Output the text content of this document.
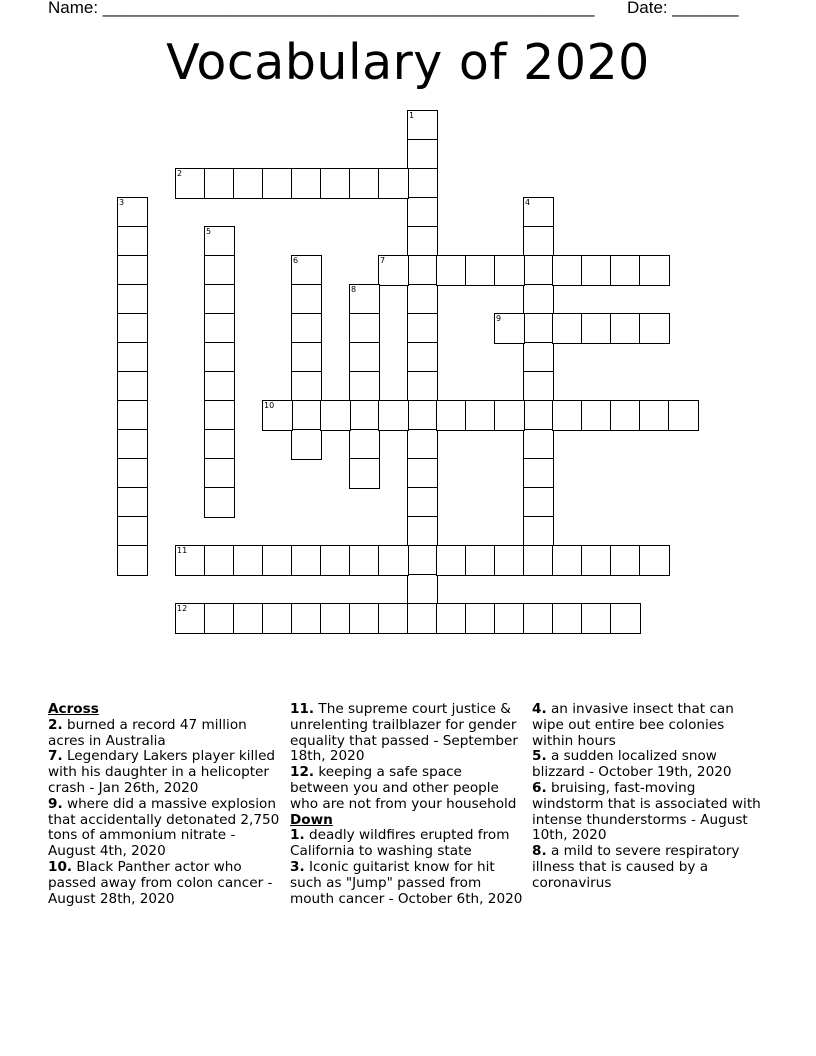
Name: ____________________________________________________ Date: _______
Vocabulary of 2020
1
2
3	4
5
6	7
8
9
10
11
12
Across

2. burned a record 47 million acres in Australia

7. Legendary Lakers player killed with his daughter in a helicopter crash - Jan 26th, 2020

9. where did a massive explosion that accidentally detonated 2,750 tons of ammonium nitrate - August 4th, 2020

10. Black Panther actor who passed away from colon cancer - August 28th, 2020

11. The supreme court justice & unrelenting trailblazer for gender equality that passed - September 18th, 2020

12. keeping a safe space between you and other people who are not from your household

Down

1. deadly wildfires erupted from California to washing state

3. Iconic guitarist know for hit such as "Jump" passed from mouth cancer - October 6th, 2020

4. an invasive insect that can wipe out entire bee colonies within hours

5. a sudden localized snow blizzard - October 19th, 2020

6. bruising, fast-moving windstorm that is associated with intense thunderstorms - August 10th, 2020

8. a mild to severe respiratory illness that is caused by a coronavirus
